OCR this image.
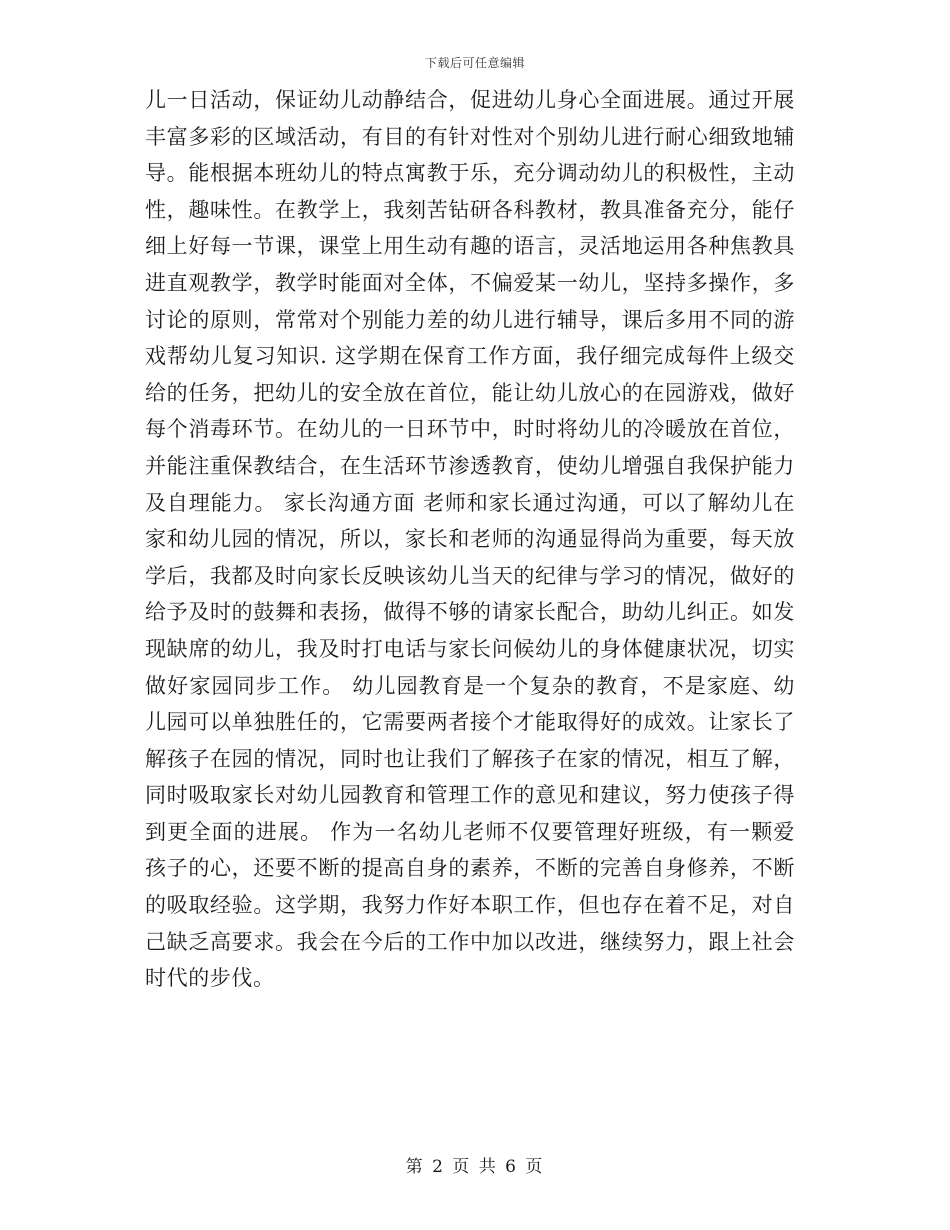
下载后可任意编辑

儿一日活动，保证幼儿动静结合，促进幼儿身心全面进展。通过开展丰富多彩的区域活动，有目的有针对性对个别幼儿进行耐心细致地辅导。能根据本班幼儿的特点寓教于乐，充分调动幼儿的积极性，主动性，趣味性。在教学上，我刻苦钻研各科教材，教具准备充分，能仔细上好每一节课，课堂上用生动有趣的语言，灵活地运用各种焦教具进直观教学，教学时能面对全体，不偏爱某一幼儿，坚持多操作，多讨论的原则，常常对个别能力差的幼儿进行辅导，课后多用不同的游戏帮幼儿复习知识. 这学期在保育工作方面，我仔细完成每件上级交给的任务，把幼儿的安全放在首位，能让幼儿放心的在园游戏，做好每个消毒环节。在幼儿的一日环节中，时时将幼儿的冷暖放在首位，并能注重保教结合，在生活环节渗透教育，使幼儿增强自我保护能力及自理能力。 家长沟通方面 老师和家长通过沟通，可以了解幼儿在家和幼儿园的情况，所以，家长和老师的沟通显得尚为重要，每天放学后，我都及时向家长反映该幼儿当天的纪律与学习的情况，做好的给予及时的鼓舞和表扬，做得不够的请家长配合，助幼儿纠正。如发现缺席的幼儿，我及时打电话与家长问候幼儿的身体健康状况，切实做好家园同步工作。 幼儿园教育是一个复杂的教育，不是家庭、幼儿园可以单独胜任的，它需要两者接个才能取得好的成效。让家长了解孩子在园的情况，同时也让我们了解孩子在家的情况，相互了解，同时吸取家长对幼儿园教育和管理工作的意见和建议，努力使孩子得到更全面的进展。 作为一名幼儿老师不仅要管理好班级，有一颗爱孩子的心，还要不断的提高自身的素养，不断的完善自身修养，不断的吸取经验。这学期，我努力作好本职工作，但也存在着不足，对自己缺乏高要求。我会在今后的工作中加以改进，继续努力，跟上社会时代的步伐。

第 2 页 共 6 页
